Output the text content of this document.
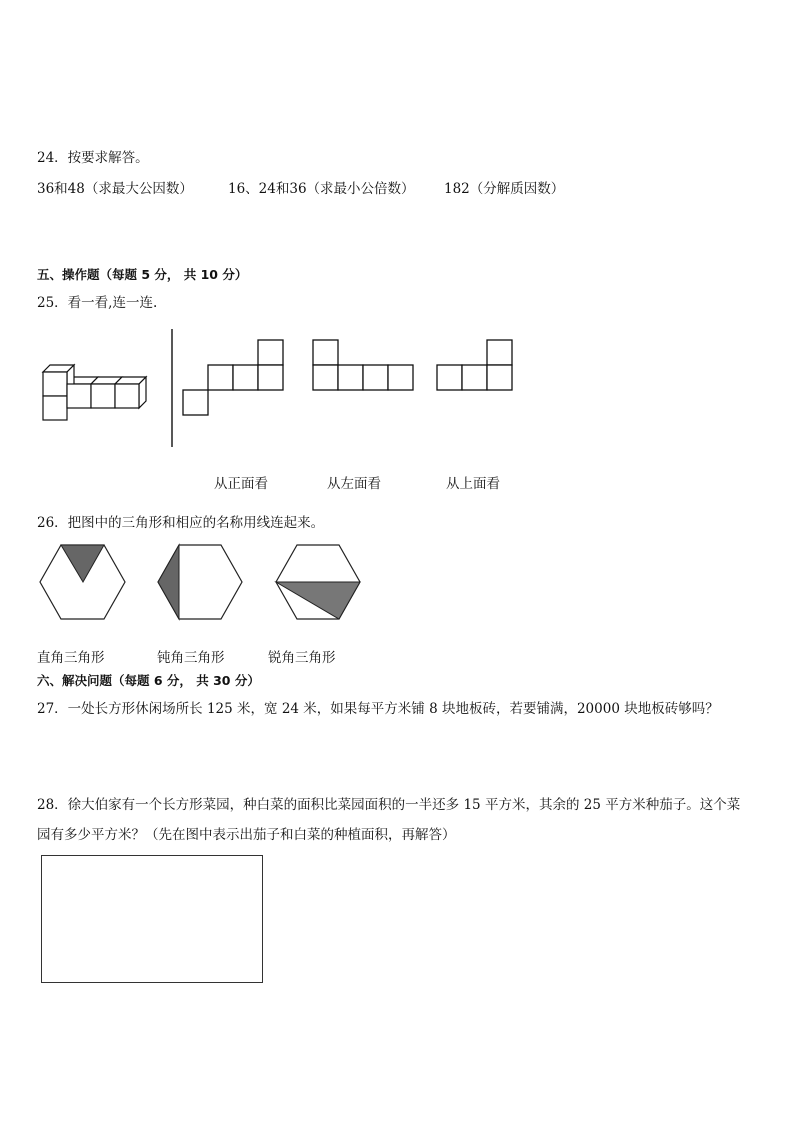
24．按要求解答。
36和48（求最大公因数）	16、24和36（求最小公倍数） 182（分解质因数）
五、操作题（每题 5 分， 共 10 分）
25．看一看,连一连.
从正面看	从左面看	从上面看
26．把图中的三角形和相应的名称用线连起来。
直角三角形	钝角三角形	锐角三角形
六、解决问题（每题 6 分， 共 30 分）
27．一处长方形休闲场所长 125 米，宽 24 米，如果每平方米铺 8 块地板砖，若要铺满，20000 块地板砖够吗？
28．徐大伯家有一个长方形菜园，种白菜的面积比菜园面积的一半还多 15 平方米，其余的 25 平方米种茄子。这个菜
园有多少平方米？（先在图中表示出茄子和白菜的种植面积，再解答）
